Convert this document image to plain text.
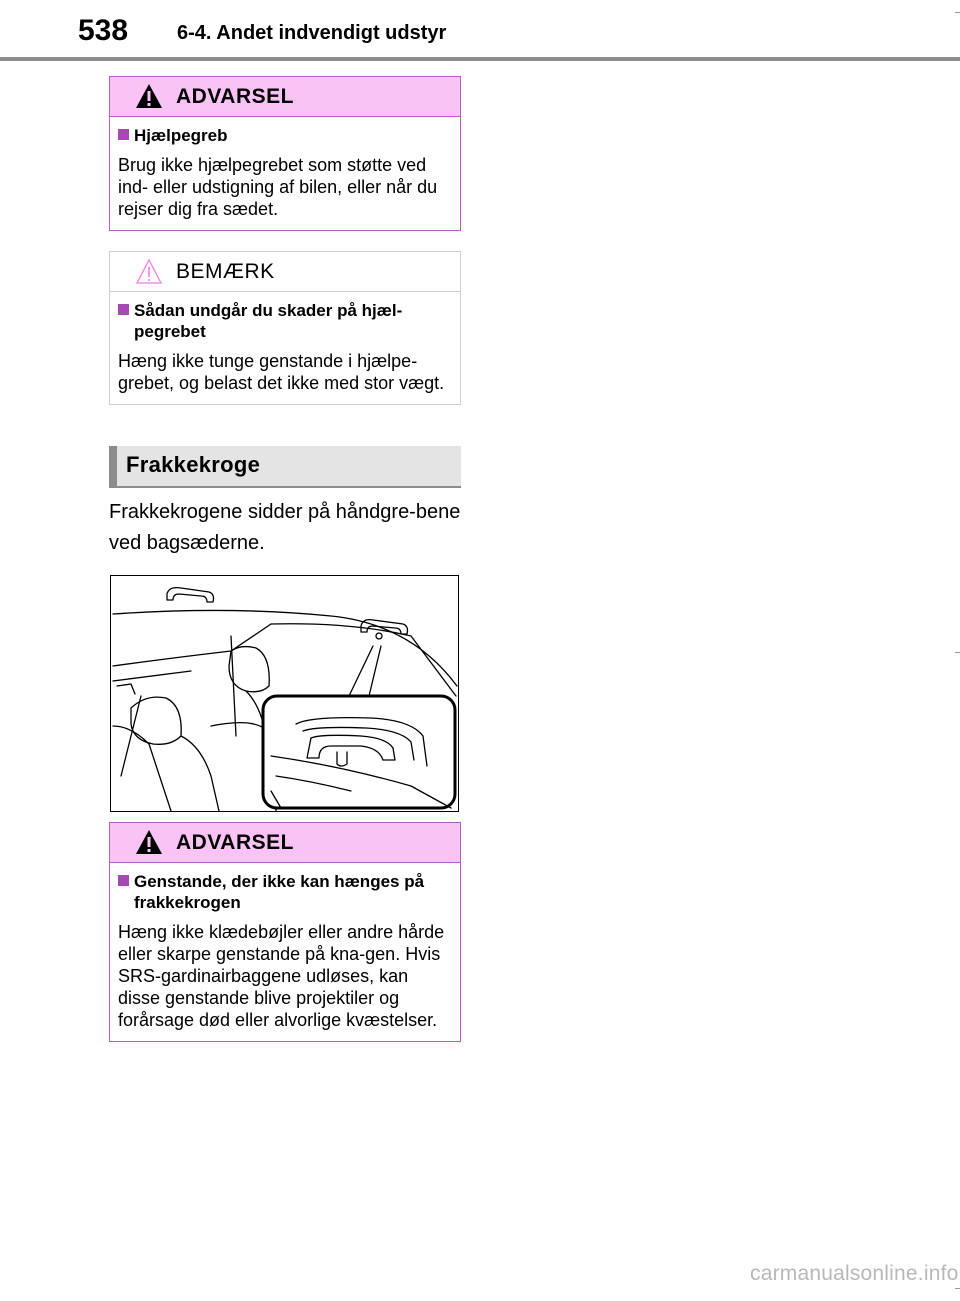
538 6-4. Andet indvendigt udstyr
ADVARSEL
Hjælpegreb
Brug ikke hjælpegrebet som støtte ved ind- eller udstigning af bilen, eller når du rejser dig fra sædet.
BEMÆRK
Sådan undgår du skader på hjæl-pegrebet
Hæng ikke tunge genstande i hjælpe-grebet, og belast det ikke med stor vægt.
Frakkekroge
Frakkekrogene sidder på håndgre-bene ved bagsæderne.
ADVARSEL
Genstande, der ikke kan hænges på frakkekrogen
Hæng ikke klædebøjler eller andre hårde eller skarpe genstande på kna-gen. Hvis SRS-gardinairbaggene udløses, kan disse genstande blive projektiler og forårsage død eller alvorlige kvæstelser.
carmanualsonline.info
